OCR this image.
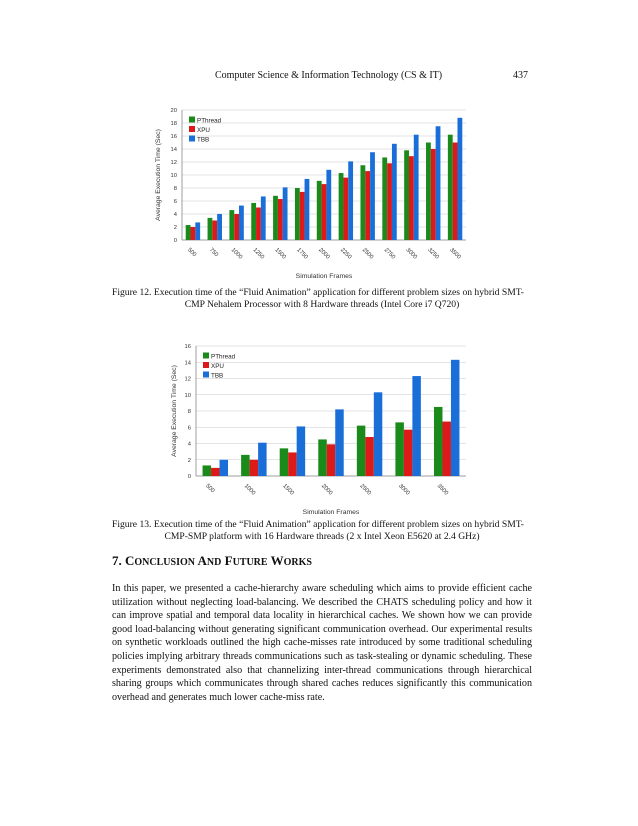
Computer Science & Information Technology (CS & IT)	437
0
2
4
6
8
10
12
14
16
18
20
500 750 1000 1250 1500 1750 2000 2250 2500 2750 3000 3250 3500
Simulation Frames
Average Execution Time (Sec)
PThread
XPU
TBB
Figure 12. Execution time of the “Fluid Animation” application for different problem sizes on hybrid SMT-
CMP Nehalem Processor with 8 Hardware threads (Intel Core i7 Q720)
0
2
4
6
8
10
12
14
16
500	1000	1500	2000	2500	3000	3500
Simulation Frames
Average Execution Time (Sec)
PThread
XPU
TBB
Figure 13. Execution time of the “Fluid Animation” application for different problem sizes on hybrid SMT-
CMP-SMP platform with 16 Hardware threads (2 x Intel Xeon E5620 at 2.4 GHz)
7. CONCLUSION AND FUTURE WORKS
In this paper, we presented a cache-hierarchy aware scheduling which aims to provide efficient cache utilization without neglecting load-balancing. We described the CHATS scheduling policy and how it can improve spatial and temporal data locality in hierarchical caches. We shown how we can provide good load-balancing without generating significant communication overhead. Our experimental results on synthetic workloads outlined the high cache-misses rate introduced by some traditional scheduling policies implying arbitrary threads communications such as task-stealing or dynamic scheduling. These experiments demonstrated also that channelizing inter-thread communications through hierarchical sharing groups which communicates through shared caches reduces significantly this communication overhead and generates much lower cache-miss rate.
